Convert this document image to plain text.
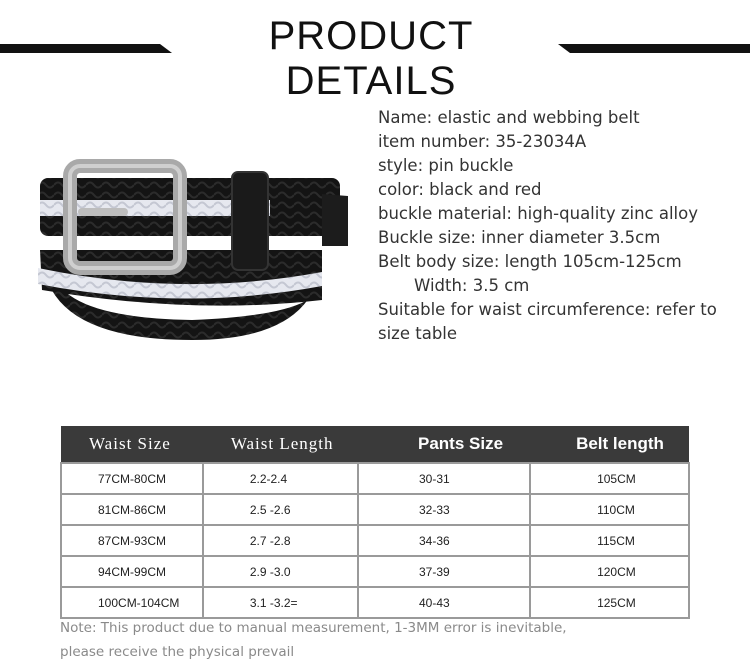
PRODUCT DETAILS
Name: elastic and webbing belt
item number: 35-23034A
style: pin buckle
color: black and red
buckle material: high-quality zinc alloy
Buckle size: inner diameter 3.5cm
Belt body size: length 105cm-125cm
Width: 3.5 cm
Suitable for waist circumference: refer to
size table
Waist Size	Waist Length	Pants Size	Belt length
77CM-80CM	2.2-2.4	30-31	105CM
81CM-86CM	2.5 -2.6	32-33	110CM
87CM-93CM	2.7 -2.8	34-36	115CM
94CM-99CM	2.9 -3.0	37-39	120CM
100CM-104CM	3.1 -3.2=	40-43	125CM
Note: This product due to manual measurement, 1-3MM error is inevitable,
please receive the physical prevail
